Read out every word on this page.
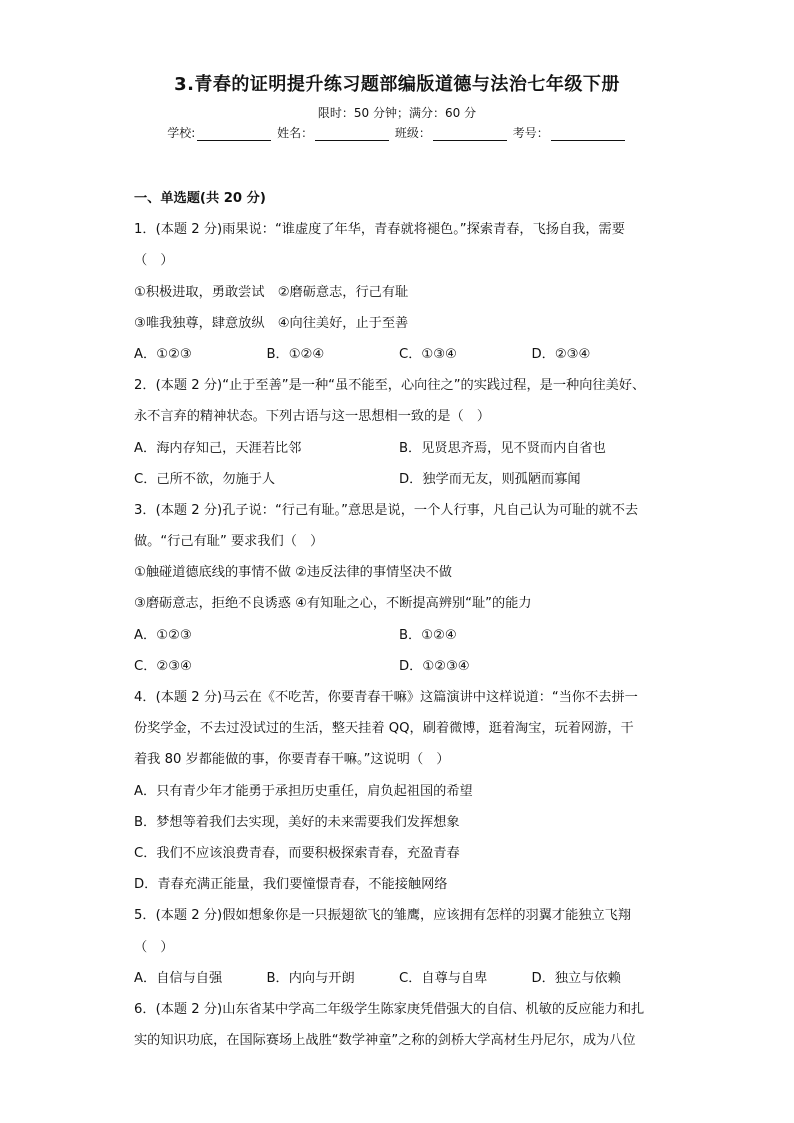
3.青春的证明提升练习题部编版道德与法治七年级下册
限时：50 分钟；满分：60 分
学校:	姓名：	班级：	考号：
一、单选题(共 20 分)
1．(本题 2 分)雨果说：“谁虚度了年华，青春就将褪色。”探索青春，飞扬自我，需要
（　）
①积极进取，勇敢尝试　②磨砺意志，行己有耻
③唯我独尊，肆意放纵　④向往美好，止于至善
A．①②③	B．①②④	C．①③④	D．②③④
2．(本题 2 分)“止于至善”是一种“虽不能至，心向往之”的实践过程，是一种向往美好、
永不言弃的精神状态。下列古语与这一思想相一致的是（　）
A．海内存知己，天涯若比邻	B．见贤思齐焉，见不贤而内自省也
C．己所不欲，勿施于人	D．独学而无友，则孤陋而寡闻
3．(本题 2 分)孔子说：“行己有耻。”意思是说，一个人行事，凡自己认为可耻的就不去
做。“行己有耻” 要求我们（　）
①触碰道德底线的事情不做 ②违反法律的事情坚决不做
③磨砺意志，拒绝不良诱惑 ④有知耻之心，不断提高辨别“耻”的能力
A．①②③	B．①②④
C．②③④	D．①②③④
4．(本题 2 分)马云在《不吃苦，你要青春干嘛》这篇演讲中这样说道：“当你不去拼一
份奖学金，不去过没试过的生活，整天挂着 QQ，刷着微博，逛着淘宝，玩着网游，干
着我 80 岁都能做的事，你要青春干嘛。”这说明（　）
A．只有青少年才能勇于承担历史重任，肩负起祖国的希望
B．梦想等着我们去实现，美好的未来需要我们发挥想象
C．我们不应该浪费青春，而要积极探索青春，充盈青春
D．青春充满正能量，我们要憧憬青春，不能接触网络
5．(本题 2 分)假如想象你是一只振翅欲飞的雏鹰，应该拥有怎样的羽翼才能独立飞翔
（　）
A．自信与自强	B．内向与开朗	C．自尊与自卑	D．独立与依赖
6．(本题 2 分)山东省某中学高二年级学生陈家庚凭借强大的自信、机敏的反应能力和扎
实的知识功底，在国际赛场上战胜“数学神童”之称的剑桥大学高材生丹尼尔，成为八位
